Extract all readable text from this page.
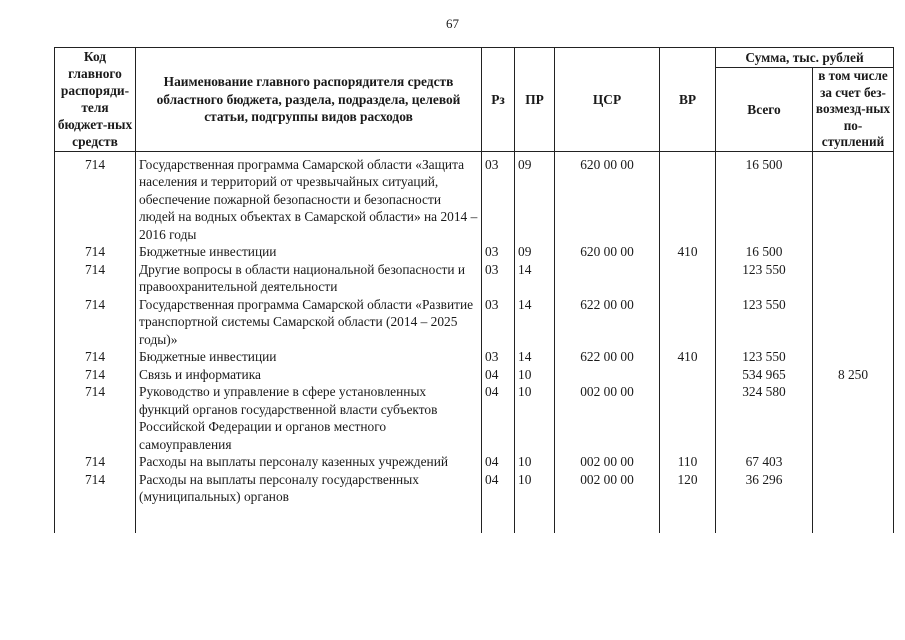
67
Код главного распоряди-теля бюджет-ных средств	Наименование главного распорядителя средств областного бюджета, раздела, подраздела, целевой статьи, подгруппы видов расходов	Рз	ПР	ЦСР	ВР	Сумма, тыс. рублей	
						Всего	в том числе за счет без-возмезд-ных по-ступлений
714	Государственная программа Самарской области «Защита населения и территорий от чрезвычайных ситуаций, обеспечение пожарной безопасности и безопасности людей на водных объектах в Самарской области» на 2014 – 2016 годы	03	09	620 00 00		16 500	
714	Бюджетные инвестиции	03	09	620 00 00	410	16 500	
714	Другие вопросы в области национальной безопасности и правоохранительной деятельности	03	14			123 550	
714	Государственная программа Самарской области «Развитие транспортной системы Самарской области (2014 – 2025 годы)»	03	14	622 00 00		123 550	
714	Бюджетные инвестиции	03	14	622 00 00	410	123 550	
714	Связь и информатика	04	10			534 965	8 250
714	Руководство и управление в сфере установленных функций органов государственной власти субъектов Российской Федерации и органов местного самоуправления	04	10	002 00 00		324 580	
714	Расходы на выплаты персоналу казенных учреждений	04	10	002 00 00	110	67 403	
714	Расходы на выплаты персоналу государственных (муниципальных) органов	04	10	002 00 00	120	36 296	
